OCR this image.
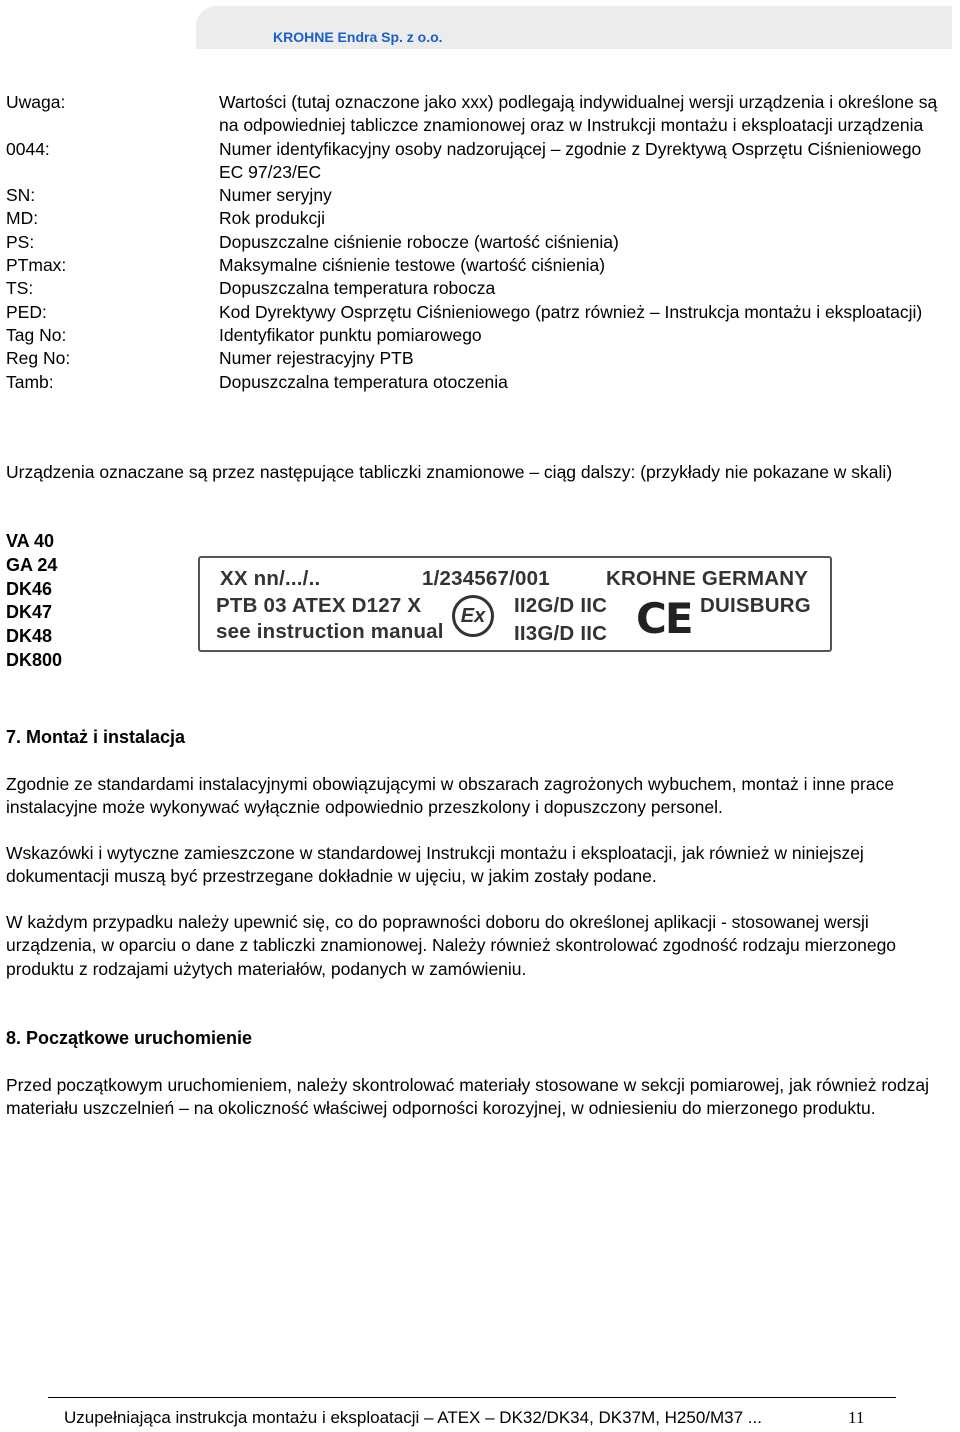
KROHNE Endra Sp. z o.o.
Uwaga:	Wartości (tutaj oznaczone jako xxx) podlegają indywidualnej wersji urządzenia i określone są na odpowiedniej tabliczce znamionowej oraz w Instrukcji montażu i eksploatacji urządzenia
0044:	Numer identyfikacyjny osoby nadzorującej – zgodnie z Dyrektywą Osprzętu Ciśnieniowego EC 97/23/EC
SN:	Numer seryjny
MD:	Rok produkcji
PS:	Dopuszczalne ciśnienie robocze (wartość ciśnienia)
PTmax:	Maksymalne ciśnienie testowe (wartość ciśnienia)
TS:	Dopuszczalna temperatura robocza
PED:	Kod Dyrektywy Osprzętu Ciśnieniowego (patrz również – Instrukcja montażu i eksploatacji)
Tag No:	Identyfikator punktu pomiarowego
Reg No:	Numer rejestracyjny PTB
Tamb:	Dopuszczalna temperatura otoczenia
Urządzenia oznaczane są przez następujące tabliczki znamionowe – ciąg dalszy: (przykłady nie pokazane w skali)
VA 40
GA 24
DK46
DK47
DK48
DK800
XX nn/.../..	1/234567/001	KROHNE GERMANY
PTB 03 ATEX D127 X	II2G/D IIC	DUISBURG
see instruction manual	II3G/D IIC
Ex	CE
7. Montaż i instalacja
Zgodnie ze standardami instalacyjnymi obowiązującymi w obszarach zagrożonych wybuchem, montaż i inne prace instalacyjne może wykonywać wyłącznie odpowiednio przeszkolony i dopuszczony personel.
Wskazówki i wytyczne zamieszczone w standardowej Instrukcji montażu i eksploatacji, jak również w niniejszej dokumentacji muszą być przestrzegane dokładnie w ujęciu, w jakim zostały podane.
W każdym przypadku należy upewnić się, co do poprawności doboru do określonej aplikacji - stosowanej wersji urządzenia, w oparciu o dane z tabliczki znamionowej. Należy również skontrolować zgodność rodzaju mierzonego produktu z rodzajami użytych materiałów, podanych w zamówieniu.
8. Początkowe uruchomienie
Przed początkowym uruchomieniem, należy skontrolować materiały stosowane w sekcji pomiarowej, jak również rodzaj materiału uszczelnień – na okoliczność właściwej odporności korozyjnej, w odniesieniu do mierzonego produktu.
Uzupełniająca instrukcja montażu i eksploatacji – ATEX – DK32/DK34, DK37M, H250/M37 ...	11
